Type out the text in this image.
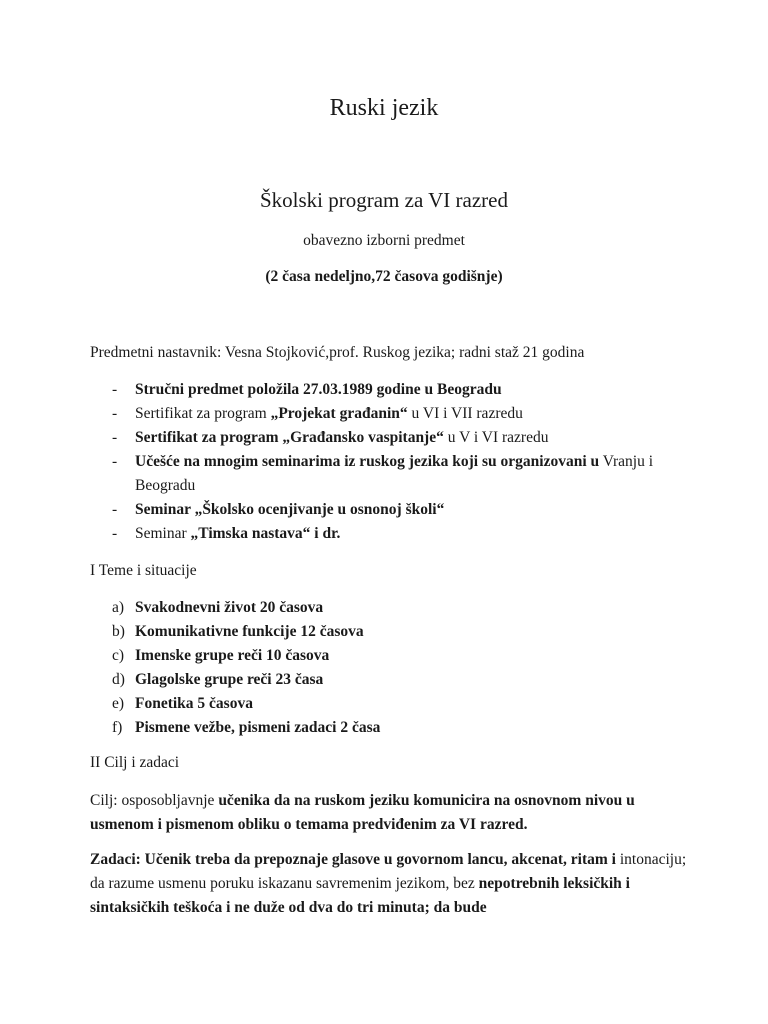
Ruski jezik
Školski program za VI razred
obavezno izborni predmet
(2 časa nedeljno,72 časova godišnje)
Predmetni nastavnik: Vesna Stojković,prof. Ruskog jezika; radni staž 21 godina
- Stručni predmet položila 27.03.1989 godine u Beogradu
- Sertifikat za program „Projekat građanin“ u VI i VII razredu
- Sertifikat za program „Građansko vaspitanje“ u V i VI razredu
- Učešće na mnogim seminarima iz ruskog jezika koji su organizovani u Vranju i Beogradu
- Seminar „Školsko ocenjivanje u osnonoj školi“
- Seminar „Timska nastava“ i dr.
I Teme i situacije
a) Svakodnevni život 20 časova
b) Komunikativne funkcije 12 časova
c) Imenske grupe reči 10 časova
d) Glagolske grupe reči 23 časa
e) Fonetika 5 časova
f) Pismene vežbe, pismeni zadaci 2 časa
II Cilj i zadaci

Cilj: osposobljavnje učenika da na ruskom jeziku komunicira na osnovnom nivou u usmenom i pismenom obliku o temama predviđenim za VI razred.

Zadaci: Učenik treba da prepoznaje glasove u govornom lancu, akcenat, ritam i intonaciju; da razume usmenu poruku iskazanu savremenim jezikom, bez nepotrebnih leksičkih i sintaksičkih teškoća i ne duže od dva do tri minuta; da bude
